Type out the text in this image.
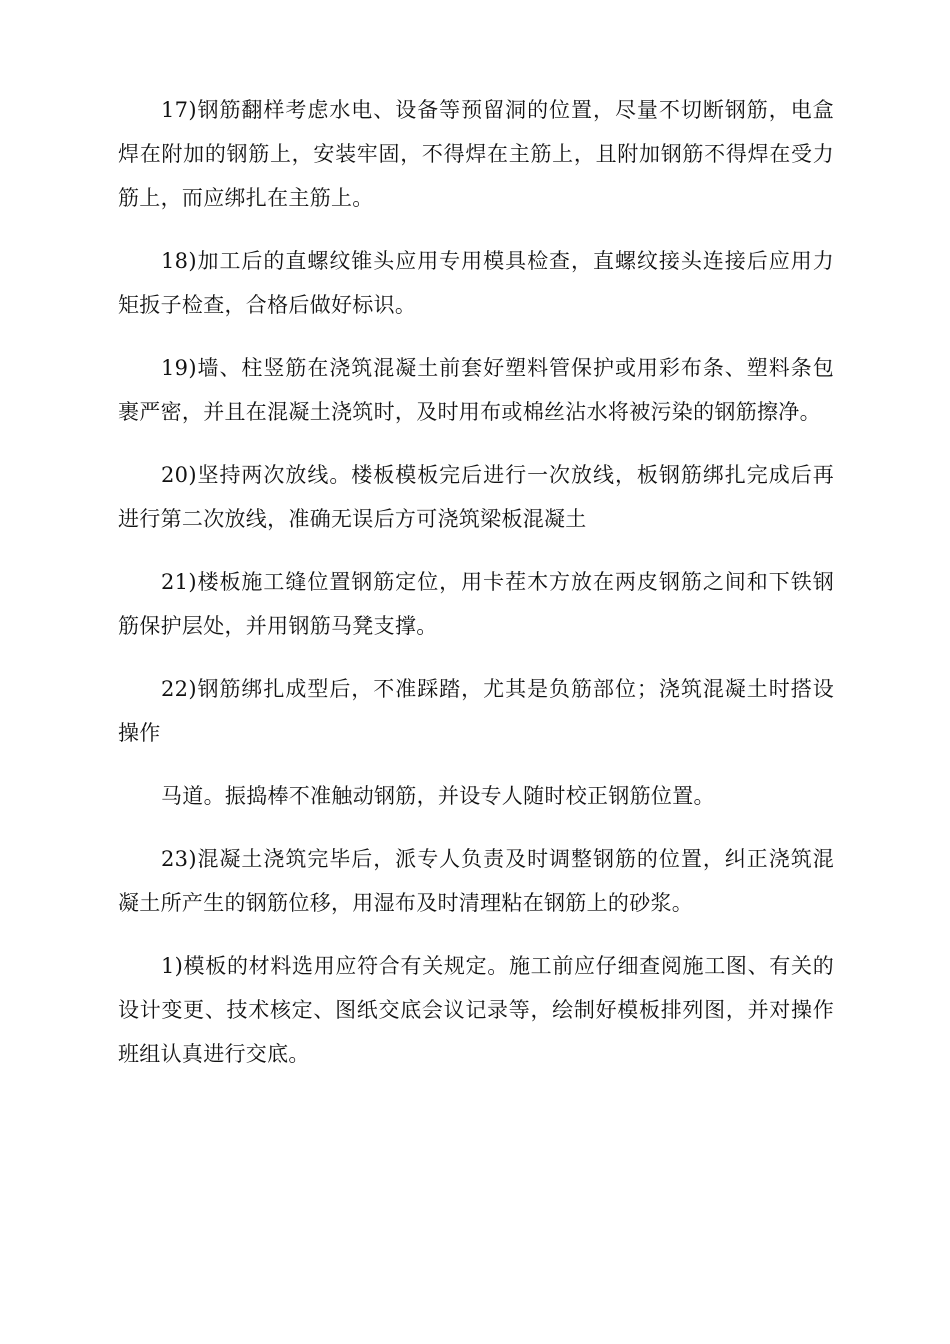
17)钢筋翻样考虑水电、设备等预留洞的位置，尽量不切断钢筋，电盒焊在附加的钢筋上，安装牢固，不得焊在主筋上，且附加钢筋不得焊在受力筋上，而应绑扎在主筋上。

18)加工后的直螺纹锥头应用专用模具检查，直螺纹接头连接后应用力矩扳子检查，合格后做好标识。

19)墙、柱竖筋在浇筑混凝土前套好塑料管保护或用彩布条、塑料条包裹严密，并且在混凝土浇筑时，及时用布或棉丝沾水将被污染的钢筋擦净。

20)坚持两次放线。楼板模板完后进行一次放线，板钢筋绑扎完成后再进行第二次放线，准确无误后方可浇筑梁板混凝土

21)楼板施工缝位置钢筋定位，用卡茬木方放在两皮钢筋之间和下铁钢筋保护层处，并用钢筋马凳支撑。

22)钢筋绑扎成型后，不准踩踏，尤其是负筋部位；浇筑混凝土时搭设操作

马道。振捣棒不准触动钢筋，并设专人随时校正钢筋位置。

23)混凝土浇筑完毕后，派专人负责及时调整钢筋的位置，纠正浇筑混凝土所产生的钢筋位移，用湿布及时清理粘在钢筋上的砂浆。

1)模板的材料选用应符合有关规定。施工前应仔细查阅施工图、有关的设计变更、技术核定、图纸交底会议记录等，绘制好模板排列图，并对操作班组认真进行交底。
